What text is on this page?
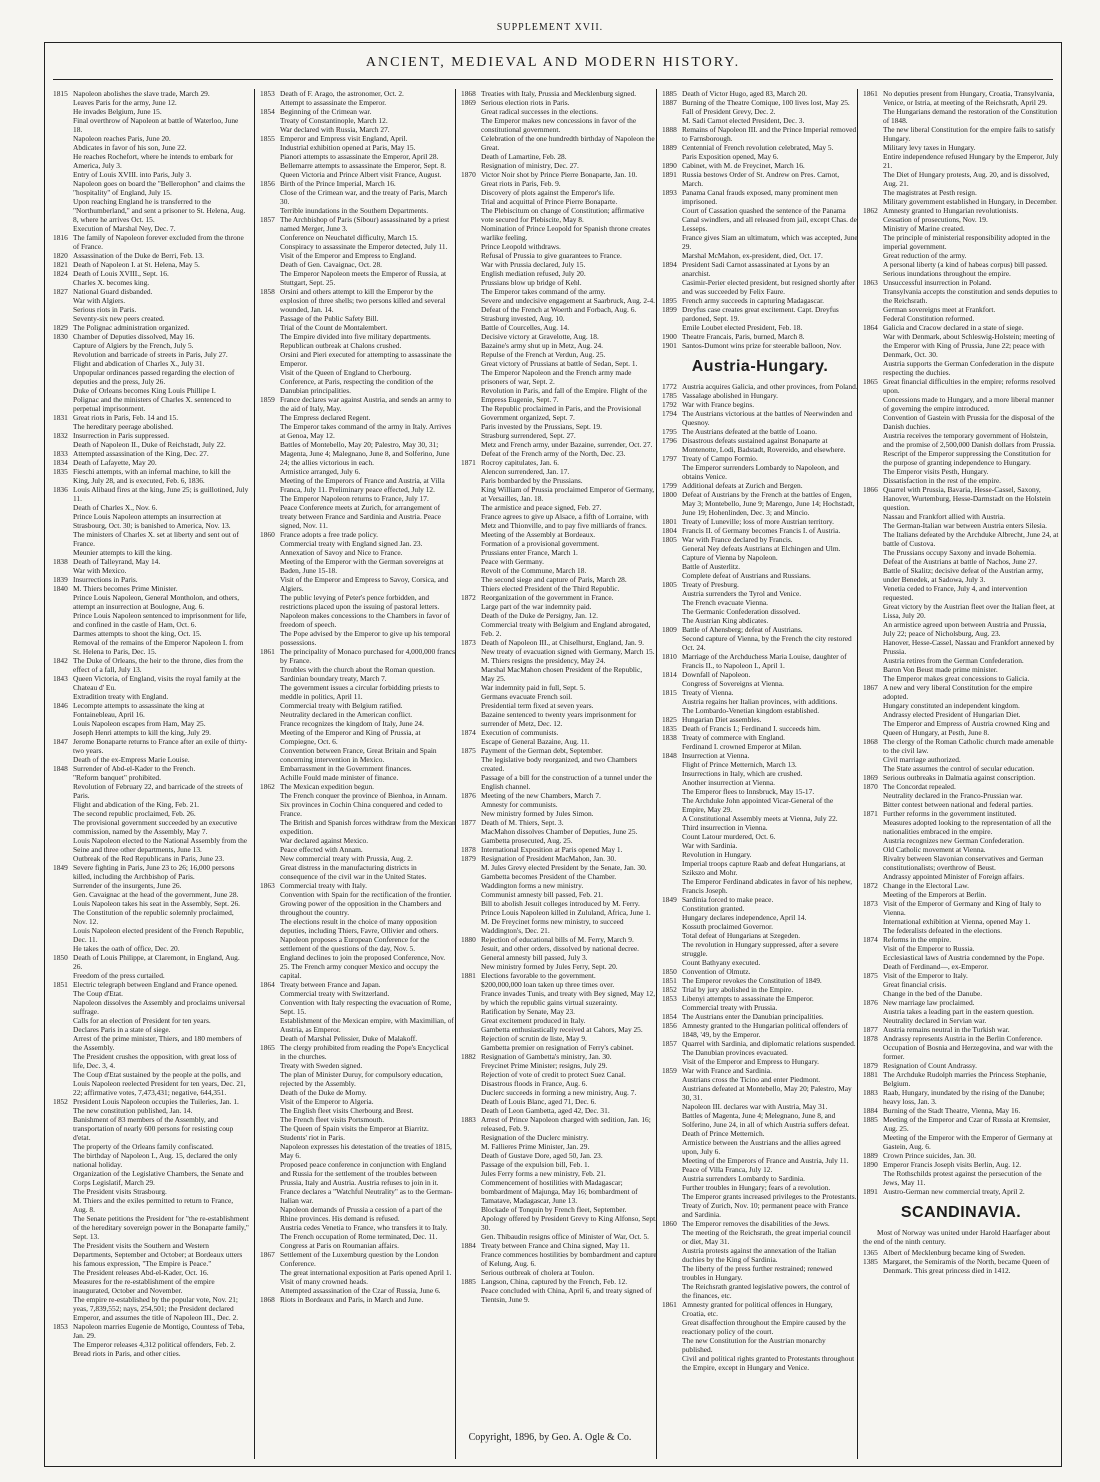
SUPPLEMENT XVII.
ANCIENT, MEDIEVAL AND MODERN HISTORY.
1815 Napoleon abolishes the slave trade, March 29.
Leaves Paris for the army, June 12.
He invades Belgium, June 15.
Final overthrow of Napoleon at battle of Waterloo, June 18.
Napoleon reaches Paris, June 20.
Abdicates in favor of his son, June 22.
He reaches Rochefort, where he intends to embark for America, July 3.
Entry of Louis XVIII. into Paris, July 3.
Napoleon goes on board the "Bellerophon" and claims the "hospitality" of England, July 15.
Upon reaching England he is transferred to the "Northumberland," and sent a prisoner to St. Helena, Aug. 8, where he arrives Oct. 15.
Execution of Marshal Ney, Dec. 7.
1816 The family of Napoleon forever excluded from the throne of France.
1820 Assassination of the Duke de Berri, Feb. 13.
1821 Death of Napoleon I. at St. Helena, May 5.
1824 Death of Louis XVIII., Sept. 16.
Charles X. becomes king.
1827 National Guard disbanded.
War with Algiers.
Serious riots in Paris.
Seventy-six new peers created.
1829 The Polignac administration organized.
1830 Chamber of Deputies dissolved, May 16.
Capture of Algiers by the French, July 5.
Revolution and barricade of streets in Paris, July 27.
Flight and abdication of Charles X., July 31.
Unpopular ordinances passed regarding the election of deputies and the press, July 26.
Duke of Orleans becomes King Louis Phillipe I.
Polignac and the ministers of Charles X. sentenced to perpetual imprisonment.
1831 Great riots in Paris, Feb. 14 and 15.
The hereditary peerage abolished.
1832 Insurrection in Paris suppressed.
Death of Napoleon II., Duke of Reichstadt, July 22.
1833 Attempted assassination of the King, Dec. 27.
1834 Death of Lafayette, May 20.
1835 Fieschi attempts, with an infernal machine, to kill the King, July 28, and is executed, Feb. 6, 1836.
1836 Louis Alibaud fires at the king, June 25; is guillotined, July 11.
Death of Charles X., Nov. 6.
Prince Louis Napoleon attempts an insurrection at Strasbourg, Oct. 30; is banished to America, Nov. 13.
The ministers of Charles X. set at liberty and sent out of France.
Meunier attempts to kill the king.
1838 Death of Talleyrand, May 14.
War with Mexico.
1839 Insurrections in Paris.
1840 M. Thiers becomes Prime Minister.
Prince Louis Napoleon, General Montholon, and others, attempt an insurrection at Boulogne, Aug. 6.
Prince Louis Napoleon sentenced to imprisonment for life, and confined in the castle of Ham, Oct. 6.
Darmes attempts to shoot the king, Oct. 15.
Removal of the remains of the Emperor Napoleon I. from St. Helena to Paris, Dec. 15.
1842 The Duke of Orleans, the heir to the throne, dies from the effect of a fall, July 13.
1843 Queen Victoria, of England, visits the royal family at the Chateau d' Eu.
Extradition treaty with England.
1846 Lecompte attempts to assassinate the king at Fontainebleau, April 16.
Louis Napoleon escapes from Ham, May 25.
Joseph Henri attempts to kill the king, July 29.
1847 Jerome Bonaparte returns to France after an exile of thirty-two years.
Death of the ex-Empress Marie Louise.
1848 Surrender of Abd-el-Kader to the French.
"Reform banquet" prohibited.
Revolution of February 22, and barricade of the streets of Paris.
Flight and abdication of the King, Feb. 21.
The second republic proclaimed, Feb. 26.
The provisional government succeeded by an executive commission, named by the Assembly, May 7.
Louis Napoleon elected to the National Assembly from the Seine and three other departments, June 13.
Outbreak of the Red Republicans in Paris, June 23.
1849 Severe fighting in Paris, June 23 to 26; 16,000 persons killed, including the Archbishop of Paris.
Surrender of the insurgents, June 26.
Gen. Cavaignac at the head of the government, June 28.
Louis Napoleon takes his seat in the Assembly, Sept. 26.
The Constitution of the republic solemnly proclaimed, Nov. 12.
Louis Napoleon elected president of the French Republic, Dec. 11.
He takes the oath of office, Dec. 20.
1850 Death of Louis Philippe, at Claremont, in England, Aug. 26.
Freedom of the press curtailed.
1851 Electric telegraph between England and France opened.
The Coup d'Etat.
Napoleon dissolves the Assembly and proclaims universal suffrage.
Calls for an election of President for ten years.
Declares Paris in a state of siege.
Arrest of the prime minister, Thiers, and 180 members of the Assembly.
The President crushes the opposition, with great loss of life, Dec. 3, 4.
The Coup d'Etat sustained by the people at the polls, and Louis Napoleon reelected President for ten years, Dec. 21, 22; affirmative votes, 7,473,431; negative, 644,351.
1852 President Louis Napoleon occupies the Tuileries, Jan. 1.
The new constitution published, Jan. 14.
Banishment of 83 members of the Assembly, and transportation of nearly 600 persons for resisting coup d'etat.
The property of the Orleans family confiscated.
The birthday of Napoleon I., Aug. 15, declared the only national holiday.
Organization of the Legislative Chambers, the Senate and Corps Legislatif, March 29.
The President visits Strasbourg.
M. Thiers and the exiles permitted to return to France, Aug. 8.
The Senate petitions the President for "the re-establishment of the hereditary sovereign power in the Bonaparte family," Sept. 13.
The President visits the Southern and Western Departments, September and October; at Bordeaux utters his famous expression, "The Empire is Peace."
The President releases Abd-el-Kader, Oct. 16.
Measures for the re-establishment of the empire inaugurated, October and November.
The empire re-established by the popular vote, Nov. 21; yeas, 7,839,552; nays, 254,501; the President declared Emperor, and assumes the title of Napoleon III., Dec. 2.
1853 Napoleon marries Eugenie de Montigo, Countess of Teba, Jan. 29.
The Emperor releases 4,312 political offenders, Feb. 2.
Bread riots in Paris, and other cities.
1853 Death of F. Arago, the astronomer, Oct. 2.
Attempt to assassinate the Emperor.
1854 Beginning of the Crimean war.
Treaty of Constantinople, March 12.
War declared with Russia, March 27.
1855 Emperor and Empress visit England, April.
Industrial exhibition opened at Paris, May 15.
Pianori attempts to assassinate the Emperor, April 28.
Bellemarre attempts to assassinate the Emperor, Sept. 8.
Queen Victoria and Prince Albert visit France, August.
1856 Birth of the Prince Imperial, March 16.
Close of the Crimean war, and the treaty of Paris, March 30.
Terrible inundations in the Southern Departments.
1857 The Archbishop of Paris (Sibour) assassinated by a priest named Merger, June 3.
Conference on Neuchatel difficulty, March 15.
Conspiracy to assassinate the Emperor detected, July 11.
Visit of the Emperor and Empress to England.
Death of Gen. Cavaignac, Oct. 28.
The Emperor Napoleon meets the Emperor of Russia, at Stuttgart, Sept. 25.
1858 Orsini and others attempt to kill the Emperor by the explosion of three shells; two persons killed and several wounded, Jan. 14.
Passage of the Public Safety Bill.
Trial of the Count de Montalembert.
The Empire divided into five military departments.
Republican outbreak at Chalons crushed.
Orsini and Pieri executed for attempting to assassinate the Emperor.
Visit of the Queen of England to Cherbourg.
Conference, at Paris, respecting the condition of the Danubian principalities.
1859 France declares war against Austria, and sends an army to the aid of Italy, May.
The Empress declared Regent.
The Emperor takes command of the army in Italy. Arrives at Genoa, May 12.
Battles of Montebello, May 20; Palestro, May 30, 31; Magenta, June 4; Malegnano, June 8, and Solferino, June 24; the allies victorious in each.
Armistice arranged, July 6.
Meeting of the Emperors of France and Austria, at Villa Franca, July 11. Preliminary peace effected, July 12.
The Emperor Napoleon returns to France, July 17.
Peace Conference meets at Zurich, for arrangement of treaty between France and Sardinia and Austria. Peace signed, Nov. 11.
1860 France adopts a free trade policy.
Commercial treaty with England signed Jan. 23.
Annexation of Savoy and Nice to France.
Meeting of the Emperor with the German sovereigns at Baden, June 15-18.
Visit of the Emperor and Empress to Savoy, Corsica, and Algiers.
The public levying of Peter's pence forbidden, and restrictions placed upon the issuing of pastoral letters.
Napoleon makes concessions to the Chambers in favor of freedom of speech.
The Pope advised by the Emperor to give up his temporal possessions.
1861 The principality of Monaco purchased for 4,000,000 francs by France.
Troubles with the church about the Roman question.
Sardinian boundary treaty, March 7.
The government issues a circular forbidding priests to meddle in politics, April 11.
Commercial treaty with Belgium ratified.
Neutrality declared in the American conflict.
France recognizes the kingdom of Italy, June 24.
Meeting of the Emperor and King of Prussia, at Compiegne, Oct. 6.
Convention between France, Great Britain and Spain concerning intervention in Mexico.
Embarrassment in the Government finances.
Achille Fould made minister of finance.
1862 The Mexican expedition begun.
The French conquer the province of Bienhoa, in Annam.
Six provinces in Cochin China conquered and ceded to France.
The British and Spanish forces withdraw from the Mexican expedition.
War declared against Mexico.
Peace effected with Annam.
New commercial treaty with Prussia, Aug. 2.
Great distress in the manufacturing districts in consequence of the civil war in the United States.
1863 Commercial treaty with Italy.
Convention with Spain for the rectification of the frontier.
Growing power of the opposition in the Chambers and throughout the country.
The elections result in the choice of many opposition deputies, including Thiers, Favre, Ollivier and others.
Napoleon proposes a European Conference for the settlement of the questions of the day, Nov. 5.
England declines to join the proposed Conference, Nov. 25. The French army conquer Mexico and occupy the capital.
1864 Treaty between France and Japan.
Commercial treaty with Switzerland.
Convention with Italy respecting the evacuation of Rome, Sept. 15.
Establishment of the Mexican empire, with Maximilian, of Austria, as Emperor.
Death of Marshal Pelissier, Duke of Malakoff.
1865 The clergy prohibited from reading the Pope's Encyclical in the churches.
Treaty with Sweden signed.
The plan of Minister Duruy, for compulsory education, rejected by the Assembly.
Death of the Duke de Morny.
Visit of the Emperor to Algeria.
The English fleet visits Cherbourg and Brest.
The French fleet visits Portsmouth.
The Queen of Spain visits the Emperor at Biarritz.
Students' riot in Paris.
Napoleon expresses his detestation of the treaties of 1815, May 6.
Proposed peace conference in conjunction with England and Russia for the settlement of the troubles between Prussia, Italy and Austria. Austria refuses to join in it.
France declares a "Watchful Neutrality" as to the German-Italian war.
Napoleon demands of Prussia a cession of a part of the Rhine provinces. His demand is refused.
Austria cedes Venetia to France, who transfers it to Italy.
The French occupation of Rome terminated, Dec. 11.
Congress at Paris on Roumanian affairs.
1867 Settlement of the Luxemburg question by the London Conference.
The great international exposition at Paris opened April 1. Visit of many crowned heads.
Attempted assassination of the Czar of Russia, June 6.
1868 Riots in Bordeaux and Paris, in March and June.
1868 Treaties with Italy, Prussia and Mecklenburg signed.
1869 Serious election riots in Paris.
Great radical successes in the elections.
The Emperor makes new concessions in favor of the constitutional government.
Celebration of the one hundredth birthday of Napoleon the Great.
Death of Lamartine, Feb. 28.
Resignation of ministry, Dec. 27.
1870 Victor Noir shot by Prince Pierre Bonaparte, Jan. 10.
Great riots in Paris, Feb. 9.
Discovery of plots against the Emperor's life.
Trial and acquittal of Prince Pierre Bonaparte.
The Plebiscitum on change of Constitution; affirmative vote secured for Plebiscite, May 8.
Nomination of Prince Leopold for Spanish throne creates warlike feeling.
Prince Leopold withdraws.
Refusal of Prussia to give guarantees to France.
War with Prussia declared, July 15.
English mediation refused, July 20.
Prussians blow up bridge of Kehl.
The Emperor takes command of the army.
Severe and undecisive engagement at Saarbruck, Aug. 2-4.
Defeat of the French at Woerth and Forbach, Aug. 6.
Strasburg invested, Aug. 10.
Battle of Courcelles, Aug. 14.
Decisive victory at Gravelotte, Aug. 18.
Bazaine's army shut up in Metz, Aug. 24.
Repulse of the French at Verdun, Aug. 25.
Great victory of Prussians at battle of Sedan, Sept. 1.
The Emperor Napoleon and the French army made prisoners of war, Sept. 2.
Revolution in Paris, and fall of the Empire. Flight of the Empress Eugenie, Sept. 7.
The Republic proclaimed in Paris, and the Provisional Government organized, Sept. 7.
Paris invested by the Prussians, Sept. 19.
Strasburg surrendered, Sept. 27.
Metz and French army, under Bazaine, surrender, Oct. 27.
Defeat of the French army of the North, Dec. 23.
1871 Rocroy capitulates, Jan. 6.
Alencon surrendered, Jan. 17.
Paris bombarded by the Prussians.
King William of Prussia proclaimed Emperor of Germany, at Versailles, Jan. 18.
The armistice and peace signed, Feb. 27.
France agrees to give up Alsace, a fifth of Lorraine, with Metz and Thionville, and to pay five milliards of francs.
Meeting of the Assembly at Bordeaux.
Formation of a provisional government.
Prussians enter France, March 1.
Peace with Germany.
Revolt of the Commune, March 18.
The second siege and capture of Paris, March 28.
Thiers elected President of the Third Republic.
1872 Reorganization of the government in France.
Large part of the war indemnity paid.
Death of the Duke de Persigny, Jan. 12.
Commercial treaty with Belgium and England abrogated, Feb. 2.
1873 Death of Napoleon III., at Chiselhurst, England, Jan. 9.
New treaty of evacuation signed with Germany, March 15.
M. Thiers resigns the presidency, May 24.
Marshal MacMahon chosen President of the Republic, May 25.
War indemnity paid in full, Sept. 5.
Germans evacuate French soil.
Presidential term fixed at seven years.
Bazaine sentenced to twenty years imprisonment for surrender of Metz, Dec. 12.
1874 Execution of communists.
Escape of General Bazaine, Aug. 11.
1875 Payment of the German debt, September.
The legislative body reorganized, and two Chambers created.
Passage of a bill for the construction of a tunnel under the English channel.
1876 Meeting of the new Chambers, March 7.
Amnesty for communists.
New ministry formed by Jules Simon.
1877 Death of M. Thiers, Sept. 3.
MacMahon dissolves Chamber of Deputies, June 25.
Gambetta prosecuted, Aug. 25.
1878 International Exposition at Paris opened May 1.
1879 Resignation of President MacMahon, Jan. 30.
M. Jules Grevy elected President by the Senate, Jan. 30.
Gambetta becomes President of the Chamber.
Waddington forms a new ministry.
Communist amnesty bill passed, Feb. 21.
Bill to abolish Jesuit colleges introduced by M. Ferry.
Prince Louis Napoleon killed in Zululand, Africa, June 1.
M. De Freycinet forms new ministry, to succeed Waddington's, Dec. 21.
1880 Rejection of educational bills of M. Ferry, March 9.
Jesuit, and other orders, dissolved by national decree.
General amnesty bill passed, July 3.
New ministry formed by Jules Ferry, Sept. 20.
1881 Elections favorable to the government.
$200,000,000 loan taken up three times over.
France invades Tunis, and treaty with Bey signed, May 12, by which the republic gains virtual suzerainty.
Ratification by Senate, May 23.
Great excitement produced in Italy.
Gambetta enthusiastically received at Cahors, May 25.
Rejection of scrutin de liste, May 9.
Gambetta premier on resignation of Ferry's cabinet.
1882 Resignation of Gambetta's ministry, Jan. 30.
Freycinet Prime Minister; resigns, July 29.
Rejection of vote of credit to protect Suez Canal.
Disastrous floods in France, Aug. 6.
Duclerc succeeds in forming a new ministry, Aug. 7.
Death of Louis Blanc, aged 71, Dec. 6.
Death of Leon Gambetta, aged 42, Dec. 31.
1883 Arrest of Prince Napoleon charged with sedition, Jan. 16; released, Feb. 9.
Resignation of the Duclerc ministry.
M. Fallieres Prime Minister, Jan. 29.
Death of Gustave Dore, aged 50, Jan. 23.
Passage of the expulsion bill, Feb. 1.
Jules Ferry forms a new ministry, Feb. 21.
Commencement of hostilities with Madagascar; bombardment of Majunga, May 16; bombardment of Tamatave, Madagascar, June 13.
Blockade of Tonquin by French fleet, September.
Apology offered by President Grevy to King Alfonso, Sept. 30.
Gen. Thibaudin resigns office of Minister of War, Oct. 5.
1884 Treaty between France and China signed, May 11.
France commences hostilities by bombardment and capture of Kelung, Aug. 6.
Serious outbreak of cholera at Toulon.
1885 Langson, China, captured by the French, Feb. 12.
Peace concluded with China, April 6, and treaty signed of Tientsin, June 9.
1885 Death of Victor Hugo, aged 83, March 20.
1887 Burning of the Theatre Comique, 100 lives lost, May 25.
Fall of President Grevy, Dec. 2.
M. Sadi Carnot elected President, Dec. 3.
1888 Remains of Napoleon III. and the Prince Imperial removed to Farnsborough.
1889 Centennial of French revolution celebrated, May 5.
Paris Exposition opened, May 6.
1890 Cabinet, with M. de Freycinet, March 16.
1891 Russia bestows Order of St. Andrew on Pres. Carnot, March.
1893 Panama Canal frauds exposed, many prominent men imprisoned.
Court of Cassation quashed the sentence of the Panama Canal swindlers, and all released from jail, except Chas. de Lesseps.
France gives Siam an ultimatum, which was accepted, June 29.
Marshal McMahon, ex-president, died, Oct. 17.
1894 President Sadi Carnot assassinated at Lyons by an anarchist.
Casimir-Perier elected president, but resigned shortly after and was succeeded by Felix Faure.
1895 French army succeeds in capturing Madagascar.
1899 Dreyfus case creates great excitement. Capt. Dreyfus pardoned, Sept. 19.
Emile Loubet elected President, Feb. 18.
1900 Theatre Francais, Paris, burned, March 8.
1901 Santos-Dumont wins prize for steerable balloon, Nov.
Austria-Hungary.
1772 Austria acquires Galicia, and other provinces, from Poland.
1785 Vassalage abolished in Hungary.
1792 War with France begins.
1794 The Austrians victorious at the battles of Neerwinden and Quesnoy.
1795 The Austrians defeated at the battle of Loano.
1796 Disastrous defeats sustained against Bonaparte at Montenotte, Lodi, Badstadt, Rovereido, and elsewhere.
1797 Treaty of Campo Formio.
The Emperor surrenders Lombardy to Napoleon, and obtains Venice.
1799 Additional defeats at Zurich and Bergen.
1800 Defeat of Austrians by the French at the battles of Engen, May 3; Montebello, June 9; Marengo, June 14; Hochstadt, June 19; Hohenlinden, Dec. 3; and Mincio.
1801 Treaty of Luneville; loss of more Austrian territory.
1804 Francis II. of Germany becomes Francis I. of Austria.
1805 War with France declared by Francis.
General Ney defeats Austrians at Elchingen and Ulm.
Capture of Vienna by Napoleon.
Battle of Austerlitz.
Complete defeat of Austrians and Russians.
1805 Treaty of Presburg.
Austria surrenders the Tyrol and Venice.
The French evacuate Vienna.
The Germanic Confederation dissolved.
The Austrian King abdicates.
1809 Battle of Ahensberg; defeat of Austrians.
Second capture of Vienna, by the French the city restored Oct. 24.
1810 Marriage of the Archduchess Maria Louise, daughter of Francis II., to Napoleon I., April 1.
1814 Downfall of Napoleon.
Congress of Sovereigns at Vienna.
1815 Treaty of Vienna.
Austria regains her Italian provinces, with additions.
The Lombardo-Venetian kingdom established.
1825 Hungarian Diet assembles.
1835 Death of Francis I.; Ferdinand I. succeeds him.
1838 Treaty of commerce with England.
Ferdinand I. crowned Emperor at Milan.
1848 Insurrection at Vienna.
Flight of Prince Metternich, March 13.
Insurrections in Italy, which are crushed.
Another insurrection at Vienna.
The Emperor flees to Innsbruck, May 15-17.
The Archduke John appointed Vicar-General of the Empire, May 29.
A Constitutional Assembly meets at Vienna, July 22.
Third insurrection in Vienna.
Count Latour murdered, Oct. 6.
War with Sardinia.
Revolution in Hungary.
Imperial troops capture Raab and defeat Hungarians, at Szikszo and Mohr.
The Emperor Ferdinand abdicates in favor of his nephew, Francis Joseph.
1849 Sardinia forced to make peace.
Constitution granted.
Hungary declares independence, April 14.
Kossuth proclaimed Governor.
Total defeat of Hungarians at Szegeden.
The revolution in Hungary suppressed, after a severe struggle.
Count Bathyany executed.
1850 Convention of Olmutz.
1851 The Emperor revokes the Constitution of 1849.
1852 Trial by jury abolished in the Empire.
1853 Libenyi attempts to assassinate the Emperor.
Commercial treaty with Prussia.
1854 The Austrians enter the Danubian principalities.
1856 Amnesty granted to the Hungarian political offenders of 1848, '49, by the Emperor.
1857 Quarrel with Sardinia, and diplomatic relations suspended.
The Danubian provinces evacuated.
Visit of the Emperor and Empress to Hungary.
1859 War with France and Sardinia.
Austrians cross the Ticino and enter Piedmont.
Austrians defeated at Montebello, May 20; Palestro, May 30, 31.
Napoleon III. declares war with Austria, May 31.
Battles of Magenta, June 4; Melegnano, June 8, and Solferino, June 24, in all of which Austria suffers defeat.
Death of Prince Metternich.
Armistice between the Austrians and the allies agreed upon, July 6.
Meeting of the Emperors of France and Austria, July 11.
Peace of Villa Franca, July 12.
Austria surrenders Lombardy to Sardinia.
Further troubles in Hungary; fears of a revolution.
The Emperor grants increased privileges to the Protestants.
Treaty of Zurich, Nov. 10; permanent peace with France and Sardinia.
1860 The Emperor removes the disabilities of the Jews.
The meeting of the Reichsrath, the great imperial council or diet, May 31.
Austria protests against the annexation of the Italian duchies by the King of Sardinia.
The liberty of the press further restrained; renewed troubles in Hungary.
The Reichsrath granted legislative powers, the control of the finances, etc.
1861 Amnesty granted for political offences in Hungary, Croatia, etc.
Great disaffection throughout the Empire caused by the reactionary policy of the court.
The new Constitution for the Austrian monarchy published.
Civil and political rights granted to Protestants throughout the Empire, except in Hungary and Venice.
1861 No deputies present from Hungary, Croatia, Transylvania, Venice, or Istria, at meeting of the Reichsrath, April 29.
The Hungarians demand the restoration of the Constitution of 1848.
The new liberal Constitution for the empire fails to satisfy Hungary.
Military levy taxes in Hungary.
Entire independence refused Hungary by the Emperor, July 21.
The Diet of Hungary protests, Aug. 20, and is dissolved, Aug. 21.
The magistrates at Pesth resign.
Military government established in Hungary, in December.
1862 Amnesty granted to Hungarian revolutionists.
Cessation of prosecutions, Nov. 19.
Ministry of Marine created.
The principle of ministerial responsibility adopted in the imperial government.
Great reduction of the army.
A personal liberty (a kind of habeas corpus) bill passed.
Serious inundations throughout the empire.
1863 Unsuccessful insurrection in Poland.
Transylvania accepts the constitution and sends deputies to the Reichsrath.
German sovereigns meet at Frankfort.
Federal Constitution reformed.
1864 Galicia and Cracow declared in a state of siege.
War with Denmark, about Schleswig-Holstein; meeting of the Emperor with King of Prussia, June 22; peace with Denmark, Oct. 30.
Austria supports the German Confederation in the dispute respecting the duchies.
1865 Great financial difficulties in the empire; reforms resolved upon.
Concessions made to Hungary, and a more liberal manner of governing the empire introduced.
Convention of Gastein with Prussia for the disposal of the Danish duchies.
Austria receives the temporary government of Holstein, and the promise of 2,500,000 Danish dollars from Prussia.
Rescript of the Emperor suppressing the Constitution for the purpose of granting independence to Hungary.
The Emperor visits Pesth, Hungary.
Dissatisfaction in the rest of the empire.
1866 Quarrel with Prussia, Bavaria, Hesse-Cassel, Saxony, Hanover, Wurtemburg, Hesse-Darmstadt on the Holstein question.
Nassau and Frankfort allied with Austria.
The German-Italian war between Austria enters Silesia.
The Italians defeated by the Archduke Albrecht, June 24, at battle of Custova.
The Prussians occupy Saxony and invade Bohemia.
Defeat of the Austrians at battle of Nachos, June 27.
Battle of Skalitz; decisive defeat of the Austrian army, under Benedek, at Sadowa, July 3.
Venetia ceded to France, July 4, and intervention requested.
Great victory by the Austrian fleet over the Italian fleet, at Lissa, July 20.
An armistice agreed upon between Austria and Prussia, July 22; peace of Nicholsburg, Aug. 23.
Hanover, Hesse-Cassel, Nassau and Frankfort annexed by Prussia.
Austria retires from the German Confederation.
Baron Von Beust made prime minister.
The Emperor makes great concessions to Galicia.
1867 A new and very liberal Constitution for the empire adopted.
Hungary constituted an independent kingdom.
Andrassy elected President of Hungarian Diet.
The Emperor and Empress of Austria crowned King and Queen of Hungary, at Pesth, June 8.
1868 The clergy of the Roman Catholic church made amenable to the civil law.
Civil marriage authorized.
The State assumes the control of secular education.
1869 Serious outbreaks in Dalmatia against conscription.
1870 The Concordat repealed.
Neutrality declared in the Franco-Prussian war.
Bitter contest between national and federal parties.
1871 Further reforms in the government instituted.
Measures adopted looking to the representation of all the nationalities embraced in the empire.
Austria recognizes new German Confederation.
Old Catholic movement at Vienna.
Rivalry between Slavonian conservatives and German constitutionalists; overthrow of Beust.
Andrassy appointed Minister of Foreign affairs.
1872 Change in the Electoral Law.
Meeting of the Emperors at Berlin.
1873 Visit of the Emperor of Germany and King of Italy to Vienna.
International exhibition at Vienna, opened May 1.
The federalists defeated in the elections.
1874 Reforms in the empire.
Visit of the Emperor to Russia.
Ecclesiastical laws of Austria condemned by the Pope.
Death of Ferdinand—, ex-Emperor.
1875 Visit of the Emperor to Italy.
Great financial crisis.
Change in the bed of the Danube.
1876 New marriage law proclaimed.
Austria takes a leading part in the eastern question.
Neutrality declared in Servian war.
1877 Austria remains neutral in the Turkish war.
1878 Andrassy represents Austria in the Berlin Conference.
Occupation of Bosnia and Herzegovina, and war with the former.
1879 Resignation of Count Andrassy.
1881 The Archduke Rudolph marries the Princess Stephanie, Belgium.
1883 Raab, Hungary, inundated by the rising of the Danube; heavy loss, Jan. 3.
1884 Burning of the Stadt Theatre, Vienna, May 16.
1885 Meeting of the Emperor and Czar of Russia at Kremsier, Aug. 25.
Meeting of the Emperor with the Emperor of Germany at Gastein, Aug. 6.
1889 Crown Prince suicides, Jan. 30.
1890 Emperor Francis Joseph visits Berlin, Aug. 12.
The Rothschilds protest against the persecution of the Jews, May 11.
1891 Austro-German new commercial treaty, April 2.
SCANDINAVIA.
Most of Norway was united under Harold Haarfager about the end of the ninth century.
1365 Albert of Mecklenburg became king of Sweden.
1385 Margaret, the Semiramis of the North, became Queen of Denmark. This great princess died in 1412.
Copyright, 1896, by Geo. A. Ogle & Co.
